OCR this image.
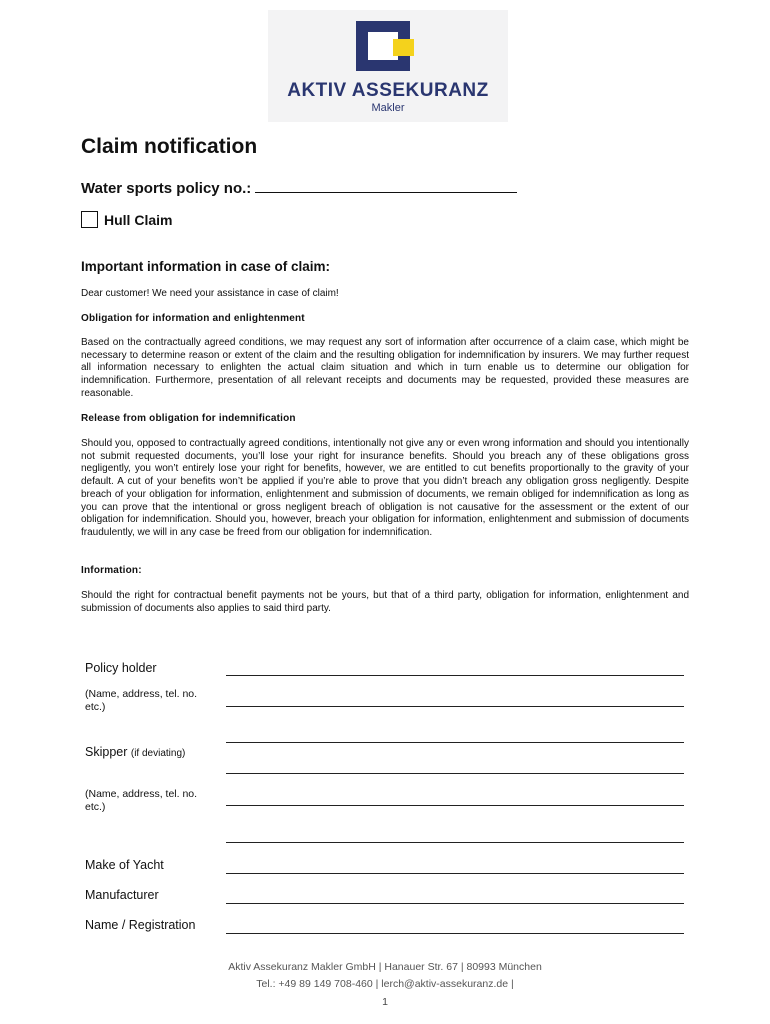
AKTIV ASSEKURANZ
Makler
Claim notification
Water sports policy no.:
Hull Claim
Important information in case of claim:
Dear customer! We need your assistance in case of claim!
Obligation for information and enlightenment
Based on the contractually agreed conditions, we may request any sort of information after occurrence of a claim case, which might be necessary to determine reason or extent of the claim and the resulting obligation for indemnification by insurers. We may further request all information necessary to enlighten the actual claim situation and which in turn enable us to determine our obligation for indemnification. Furthermore, presentation of all relevant receipts and documents may be requested, provided these measures are reasonable.
Release from obligation for indemnification
Should you, opposed to contractually agreed conditions, intentionally not give any or even wrong information and should you intentionally not submit requested documents, you’ll lose your right for insurance benefits. Should you breach any of these obligations gross negligently, you won’t entirely lose your right for benefits, however, we are entitled to cut benefits proportionally to the gravity of your default. A cut of your benefits won’t be applied if you’re able to prove that you didn’t breach any obligation gross negligently. Despite breach of your obligation for information, enlightenment and submission of documents, we remain obliged for indemnification as long as you can prove that the intentional or gross negligent breach of obligation is not causative for the assessment or the extent of our obligation for indemnification. Should you, however, breach your obligation for information, enlightenment and submission of documents fraudulently, we will in any case be freed from our obligation for indemnification.
Information:
Should the right for contractual benefit payments not be yours, but that of a third party, obligation for information, enlightenment and submission of documents also applies to said third party.
Policy holder
(Name, address, tel. no. etc.)
Skipper (if deviating)
(Name, address, tel. no. etc.)
Make of Yacht
Manufacturer
Name / Registration
Aktiv Assekuranz Makler GmbH | Hanauer Str. 67 | 80993 München
Tel.: +49 89 149 708-460 | lerch@aktiv-assekuranz.de |
1
